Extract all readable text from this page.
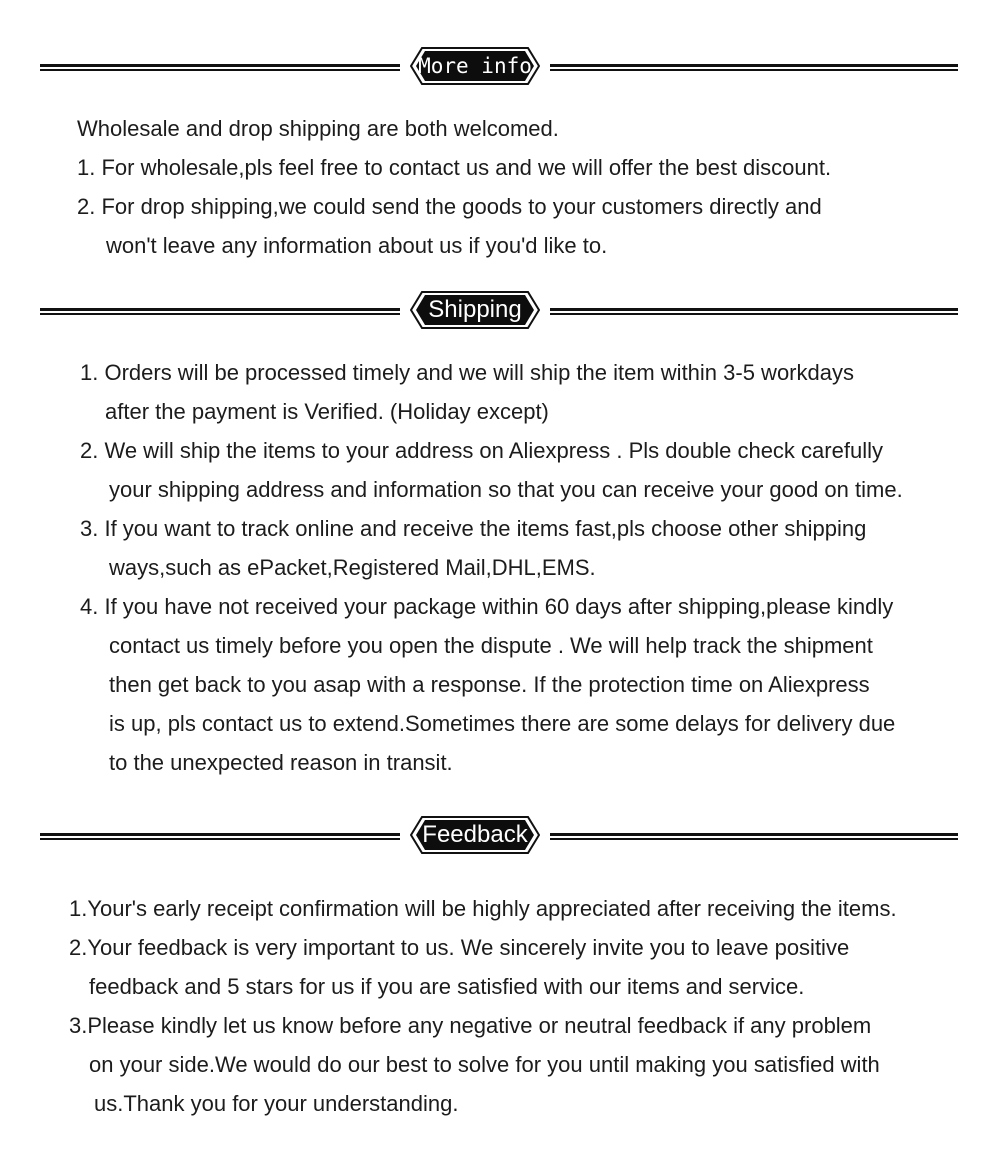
More info
Wholesale and drop shipping are both welcomed.
1. For wholesale,pls feel free to contact us and we will offer the best discount.
2. For drop shipping,we could send the goods to your customers directly and
won't leave any information about us if you'd like to.
Shipping
1. Orders will be processed timely and we will ship the item within 3-5 workdays
after the payment is Verified. (Holiday except)
2. We will ship the items to your address on Aliexpress . Pls double check carefully
your shipping address and information so that you can receive your good on time.
3. If you want to track online and receive the items fast,pls choose other shipping
ways,such as ePacket,Registered Mail,DHL,EMS.
4. If you have not received your package within 60 days after shipping,please kindly
contact us timely before you open the dispute . We will help track the shipment
then get back to you asap with a response. If the protection time on Aliexpress
is up, pls contact us to extend.Sometimes there are some delays for delivery due
to the unexpected reason in transit.
Feedback
1.Your's early receipt confirmation will be highly appreciated after receiving the items.
2.Your feedback is very important to us. We sincerely invite you to leave positive
feedback and 5 stars for us if you are satisfied with our items and service.
3.Please kindly let us know before any negative or neutral feedback if any problem
on your side.We would do our best to solve for you until making you satisfied with
us.Thank you for your understanding.
